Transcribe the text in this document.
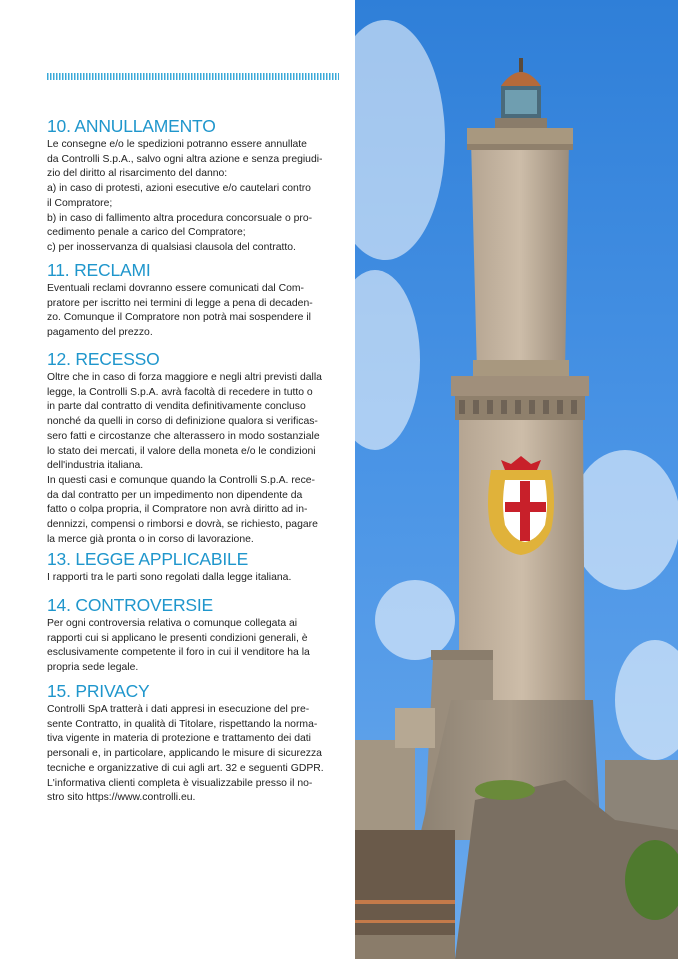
10. ANNULLAMENTO

Le consegne e/o le spedizioni potranno essere annullate
da Controlli S.p.A., salvo ogni altra azione e senza pregiudi-
zio del diritto al risarcimento del danno:
a) in caso di protesti, azioni esecutive e/o cautelari contro
il Compratore;
b) in caso di fallimento altra procedura concorsuale o pro-
cedimento penale a carico del Compratore;
c) per inosservanza di qualsiasi clausola del contratto.

11. RECLAMI

Eventuali reclami dovranno essere comunicati dal Com-
pratore per iscritto nei termini di legge a pena di decaden-
zo. Comunque il Compratore non potrà mai sospendere il
pagamento del prezzo.

12. RECESSO

Oltre che in caso di forza maggiore e negli altri previsti dalla
legge, la Controlli S.p.A. avrà facoltà di recedere in tutto o
in parte dal contratto di vendita definitivamente concluso
nonché da quelli in corso di definizione qualora si verificas-
sero fatti e circostanze che alterassero in modo sostanziale
lo stato dei mercati, il valore della moneta e/o le condizioni
dell'industria italiana.
In questi casi e comunque quando la Controlli S.p.A. rece-
da dal contratto per un impedimento non dipendente da
fatto o colpa propria, il Compratore non avrà diritto ad in-
dennizzi, compensi o rimborsi e dovrà, se richiesto, pagare
la merce già pronta o in corso di lavorazione.

13. LEGGE APPLICABILE

I rapporti tra le parti sono regolati dalla legge italiana.

14. CONTROVERSIE

Per ogni controversia relativa o comunque collegata ai
rapporti cui si applicano le presenti condizioni generali, è
esclusivamente competente il foro in cui il venditore ha la
propria sede legale.

15. PRIVACY

Controlli SpA tratterà i dati appresi in esecuzione del pre-
sente Contratto, in qualità di Titolare, rispettando la norma-
tiva vigente in materia di protezione e trattamento dei dati
personali e, in particolare, applicando le misure di sicurezza
tecniche e organizzative di cui agli art. 32 e seguenti GDPR.
L'informativa clienti completa è visualizzabile presso il no-
stro sito https://www.controlli.eu.
